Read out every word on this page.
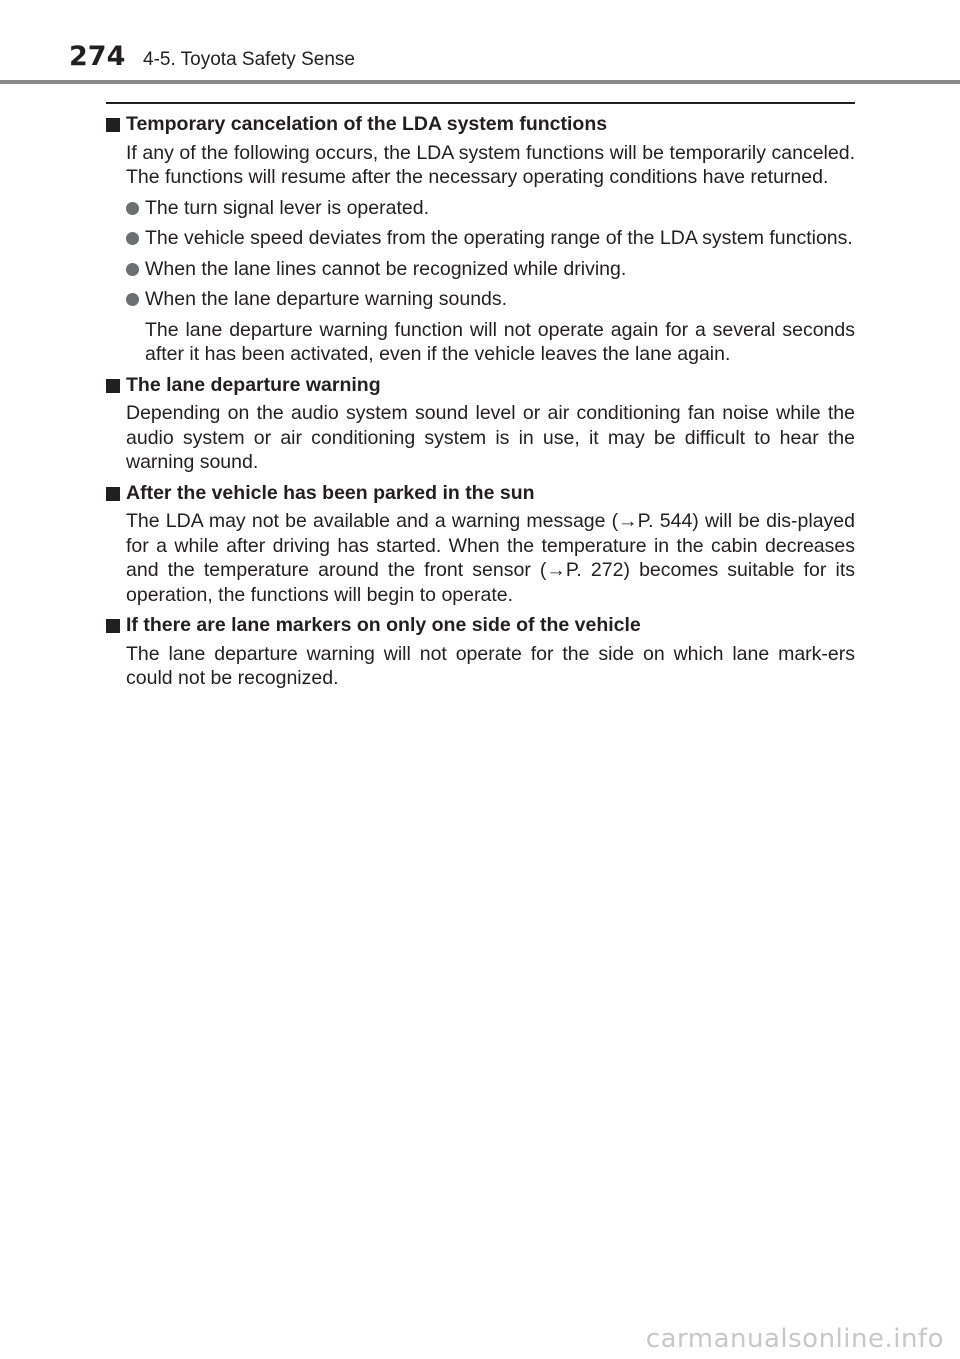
274 4-5. Toyota Safety Sense
Temporary cancelation of the LDA system functions
If any of the following occurs, the LDA system functions will be temporarily canceled. The functions will resume after the necessary operating conditions have returned.
The turn signal lever is operated.
The vehicle speed deviates from the operating range of the LDA system functions.
When the lane lines cannot be recognized while driving.
When the lane departure warning sounds.
The lane departure warning function will not operate again for a several seconds after it has been activated, even if the vehicle leaves the lane again.
The lane departure warning
Depending on the audio system sound level or air conditioning fan noise while the audio system or air conditioning system is in use, it may be difficult to hear the warning sound.
After the vehicle has been parked in the sun
The LDA may not be available and a warning message (→P. 544) will be dis-played for a while after driving has started. When the temperature in the cabin decreases and the temperature around the front sensor (→P. 272) becomes suitable for its operation, the functions will begin to operate.
If there are lane markers on only one side of the vehicle
The lane departure warning will not operate for the side on which lane mark-ers could not be recognized.
carmanualsonline.info
